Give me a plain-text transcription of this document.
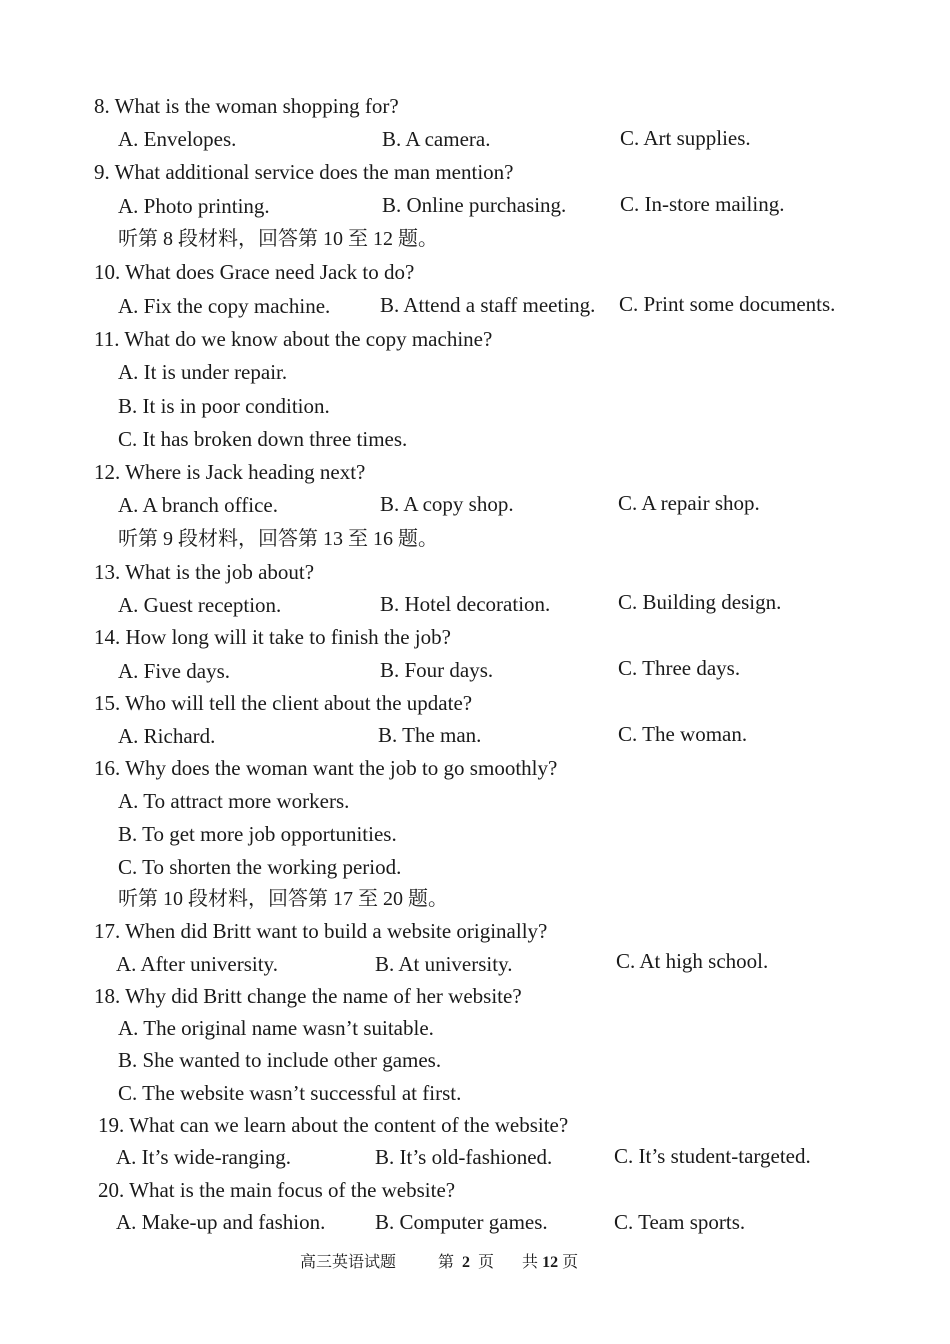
8. What is the woman shopping for?
A. Envelopes.	B. A camera.	C. Art supplies.
9. What additional service does the man mention?
A. Photo printing.	B. Online purchasing.	C. In-store mailing.
听第 8 段材料，回答第 10 至 12 题。
10. What does Grace need Jack to do?
A. Fix the copy machine. B. Attend a staff meeting. C. Print some documents.
11. What do we know about the copy machine?
A. It is under repair.
B. It is in poor condition.
C. It has broken down three times.
12. Where is Jack heading next?
A. A branch office.	B. A copy shop.	C. A repair shop.
听第 9 段材料，回答第 13 至 16 题。
13. What is the job about?
A. Guest reception.	B. Hotel decoration.	C. Building design.
14. How long will it take to finish the job?
A. Five days.	B. Four days.	C. Three days.
15. Who will tell the client about the update?
A. Richard.	B. The man.	C. The woman.
16. Why does the woman want the job to go smoothly?
A. To attract more workers.
B. To get more job opportunities.
C. To shorten the working period.
听第 10 段材料，回答第 17 至 20 题。
17. When did Britt want to build a website originally?
A. After university.	B. At university.	C. At high school.
18. Why did Britt change the name of her website?
A. The original name wasn’t suitable.
B. She wanted to include other games.
C. The website wasn’t successful at first.
19. What can we learn about the content of the website?
A. It’s wide-ranging.	B. It’s old-fashioned.	C. It’s student-targeted.
20. What is the main focus of the website?
A. Make-up and fashion. B. Computer games.	C. Team sports.
高三英语试题	第 2 页 共 12 页
